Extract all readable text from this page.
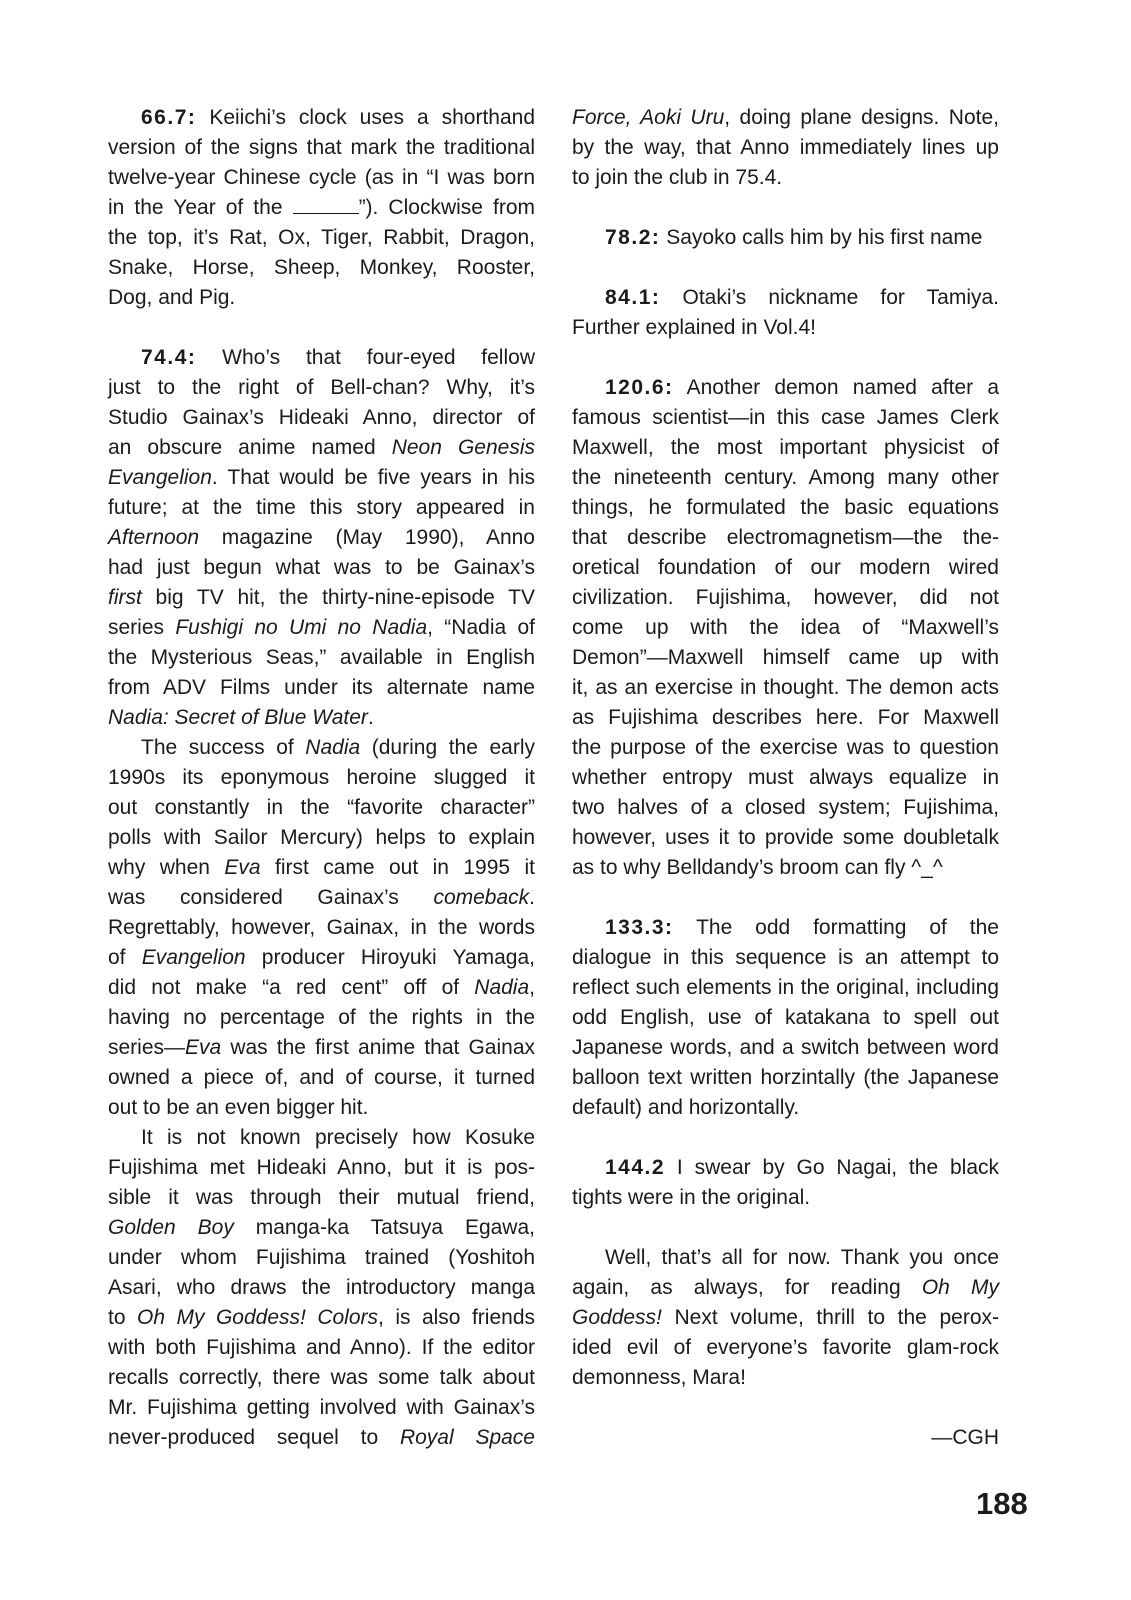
66.7: Keiichi’s clock uses a shorthand
version of the signs that mark the traditional
twelve-year Chinese cycle (as in “I was born
in the Year of the	”). Clockwise from
the top, it’s Rat, Ox, Tiger, Rabbit, Dragon,
Snake, Horse, Sheep, Monkey, Rooster,
Dog, and Pig.
74.4: Who’s that four-eyed fellow
just to the right of Bell-chan? Why, it’s
Studio Gainax’s Hideaki Anno, director of
an obscure anime named Neon Genesis
Evangelion. That would be five years in his
future; at the time this story appeared in
Afternoon magazine (May 1990), Anno
had just begun what was to be Gainax’s
first big TV hit, the thirty-nine-episode TV
series Fushigi no Umi no Nadia, “Nadia of
the Mysterious Seas,” available in English
from ADV Films under its alternate name
Nadia: Secret of Blue Water.
The success of Nadia (during the early
1990s its eponymous heroine slugged it
out constantly in the “favorite character”
polls with Sailor Mercury) helps to explain
why when Eva first came out in 1995 it
was considered Gainax’s comeback.
Regrettably, however, Gainax, in the words
of Evangelion producer Hiroyuki Yamaga,
did not make “a red cent” off of Nadia,
having no percentage of the rights in the
series—Eva was the first anime that Gainax
owned a piece of, and of course, it turned
out to be an even bigger hit.
It is not known precisely how Kosuke
Fujishima met Hideaki Anno, but it is pos-
sible it was through their mutual friend,
Golden Boy manga-ka Tatsuya Egawa,
under whom Fujishima trained (Yoshitoh
Asari, who draws the introductory manga
to Oh My Goddess! Colors, is also friends
with both Fujishima and Anno). If the editor
recalls correctly, there was some talk about
Mr. Fujishima getting involved with Gainax’s
never-produced sequel to Royal Space
Force, Aoki Uru, doing plane designs. Note,
by the way, that Anno immediately lines up
to join the club in 75.4.
78.2: Sayoko calls him by his first name
84.1: Otaki’s nickname for Tamiya.
Further explained in Vol.4!
120.6: Another demon named after a
famous scientist—in this case James Clerk
Maxwell, the most important physicist of
the nineteenth century. Among many other
things, he formulated the basic equations
that describe electromagnetism—the the-
oretical foundation of our modern wired
civilization. Fujishima, however, did not
come up with the idea of “Maxwell’s
Demon”—Maxwell himself came up with
it, as an exercise in thought. The demon acts
as Fujishima describes here. For Maxwell
the purpose of the exercise was to question
whether entropy must always equalize in
two halves of a closed system; Fujishima,
however, uses it to provide some doubletalk
as to why Belldandy’s broom can fly ^_^
133.3: The odd formatting of the
dialogue in this sequence is an attempt to
reflect such elements in the original, including
odd English, use of katakana to spell out
Japanese words, and a switch between word
balloon text written horzintally (the Japanese
default) and horizontally.
144.2 I swear by Go Nagai, the black
tights were in the original.
Well, that’s all for now. Thank you once
again, as always, for reading Oh My
Goddess! Next volume, thrill to the perox-
ided evil of everyone’s favorite glam-rock
demonness, Mara!
—CGH
188
